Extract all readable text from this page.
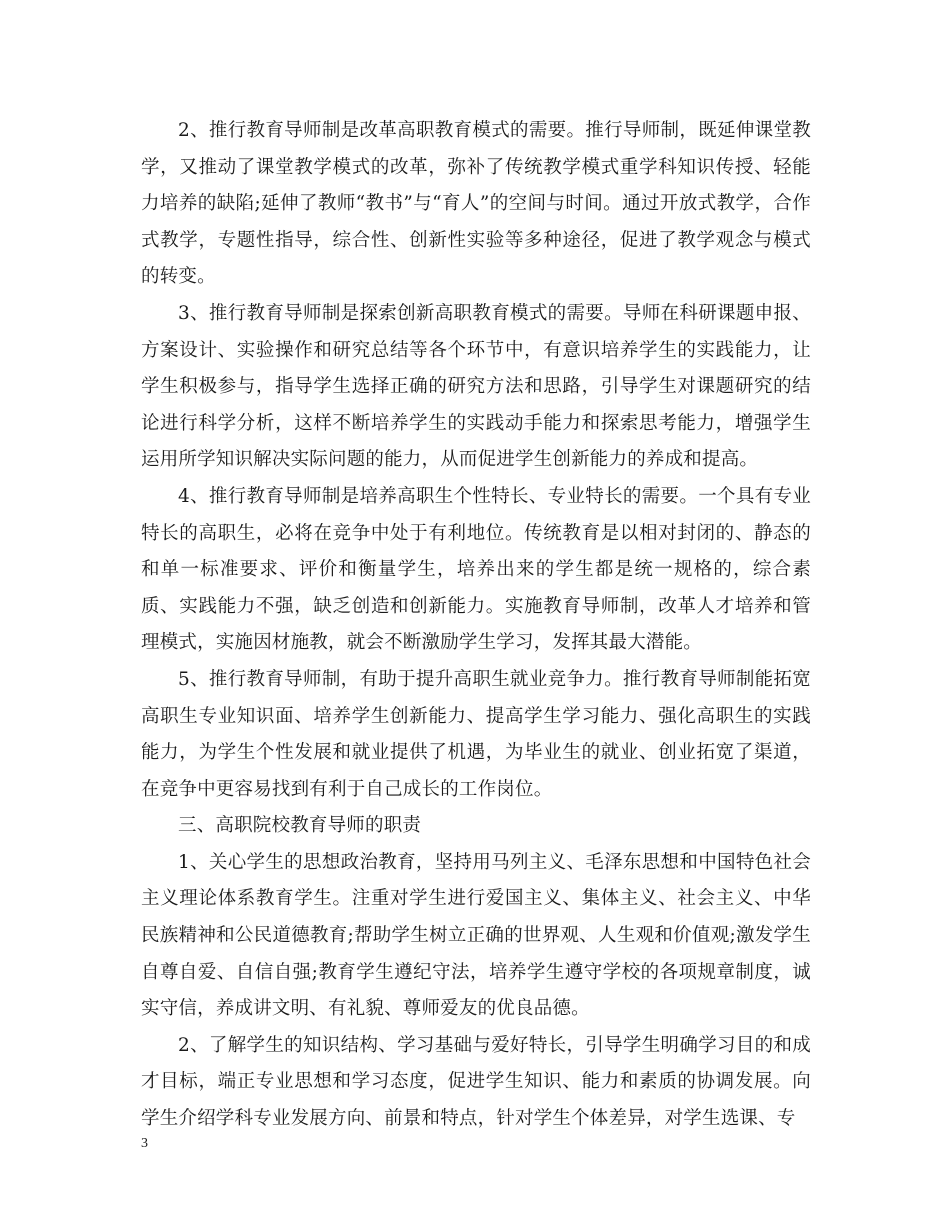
2、推行教育导师制是改革高职教育模式的需要。推行导师制，既延伸课堂教学，又推动了课堂教学模式的改革，弥补了传统教学模式重学科知识传授、轻能力培养的缺陷;延伸了教师“教书”与“育人”的空间与时间。通过开放式教学，合作式教学，专题性指导，综合性、创新性实验等多种途径，促进了教学观念与模式的转变。

3、推行教育导师制是探索创新高职教育模式的需要。导师在科研课题申报、方案设计、实验操作和研究总结等各个环节中，有意识培养学生的实践能力，让学生积极参与，指导学生选择正确的研究方法和思路，引导学生对课题研究的结论进行科学分析，这样不断培养学生的实践动手能力和探索思考能力，增强学生运用所学知识解决实际问题的能力，从而促进学生创新能力的养成和提高。

4、推行教育导师制是培养高职生个性特长、专业特长的需要。一个具有专业特长的高职生，必将在竞争中处于有利地位。传统教育是以相对封闭的、静态的和单一标准要求、评价和衡量学生，培养出来的学生都是统一规格的，综合素质、实践能力不强，缺乏创造和创新能力。实施教育导师制，改革人才培养和管理模式，实施因材施教，就会不断激励学生学习，发挥其最大潜能。

5、推行教育导师制，有助于提升高职生就业竞争力。推行教育导师制能拓宽高职生专业知识面、培养学生创新能力、提高学生学习能力、强化高职生的实践能力，为学生个性发展和就业提供了机遇，为毕业生的就业、创业拓宽了渠道，在竞争中更容易找到有利于自己成长的工作岗位。

三、高职院校教育导师的职责

1、关心学生的思想政治教育，坚持用马列主义、毛泽东思想和中国特色社会主义理论体系教育学生。注重对学生进行爱国主义、集体主义、社会主义、中华民族精神和公民道德教育;帮助学生树立正确的世界观、人生观和价值观;激发学生自尊自爱、自信自强;教育学生遵纪守法，培养学生遵守学校的各项规章制度，诚实守信，养成讲文明、有礼貌、尊师爱友的优良品德。

2、了解学生的知识结构、学习基础与爱好特长，引导学生明确学习目的和成才目标，端正专业思想和学习态度，促进学生知识、能力和素质的协调发展。向学生介绍学科专业发展方向、前景和特点，针对学生个体差异，对学生选课、专

3
